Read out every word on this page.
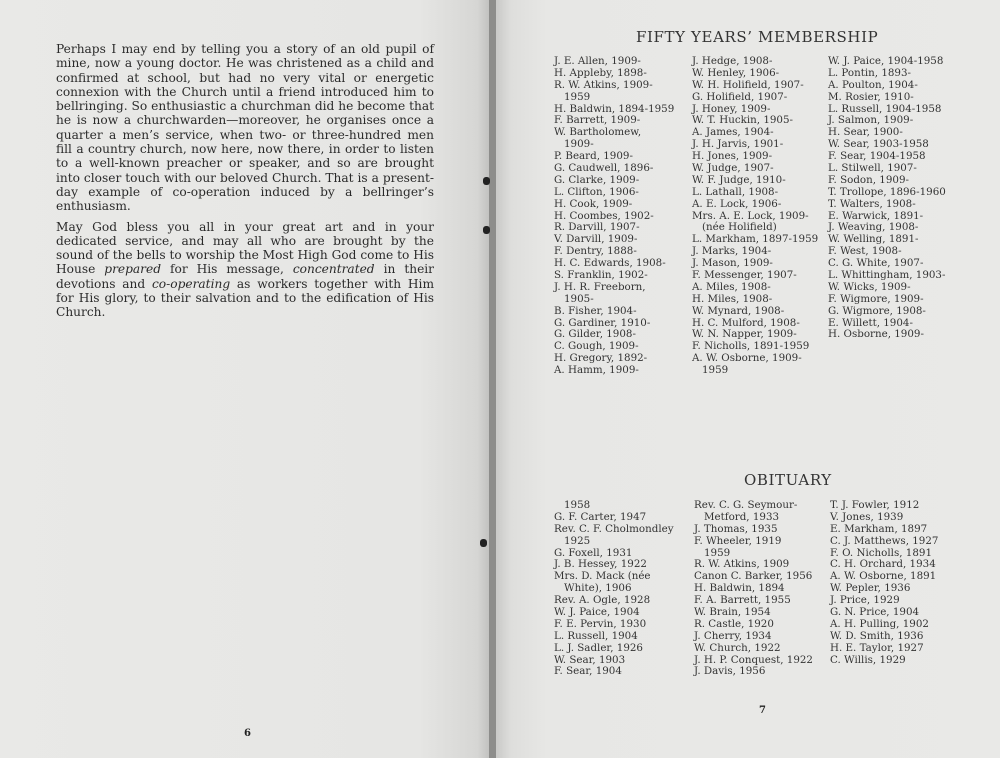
Perhaps I may end by telling you a story of an old pupil of mine, now a young doctor. He was christened as a child and confirmed at school, but had no very vital or energetic connexion with the Church until a friend introduced him to bellringing. So enthusiastic a churchman did he become that he is now a churchwarden—moreover, he organises once a quarter a men’s service, when two- or three-hundred men fill a country church, now here, now there, in order to listen to a well-known preacher or speaker, and so are brought into closer touch with our beloved Church. That is a present-day example of co-operation induced by a bellringer’s enthusiasm.

May God bless you all in your great art and in your dedicated service, and may all who are brought by the sound of the bells to worship the Most High God come to His House prepared for His message, concentrated in their devotions and co-operating as workers together with Him for His glory, to their salvation and to the edification of His Church.

6
FIFTY YEARS’ MEMBERSHIP
J. E. Allen, 1909-
H. Appleby, 1898-
R. W. Atkins, 1909-
1959
H. Baldwin, 1894-1959
F. Barrett, 1909-
W. Bartholomew,
1909-
P. Beard, 1909-
G. Caudwell, 1896-
G. Clarke, 1909-
L. Clifton, 1906-
H. Cook, 1909-
H. Coombes, 1902-
R. Darvill, 1907-
V. Darvill, 1909-
F. Dentry, 1888-
H. C. Edwards, 1908-
S. Franklin, 1902-
J. H. R. Freeborn,
1905-
B. Fisher, 1904-
G. Gardiner, 1910-
G. Gilder, 1908-
C. Gough, 1909-
H. Gregory, 1892-
A. Hamm, 1909-
J. Hedge, 1908-
W. Henley, 1906-
W. H. Holifield, 1907-
G. Holifield, 1907-
J. Honey, 1909-
W. T. Huckin, 1905-
A. James, 1904-
J. H. Jarvis, 1901-
H. Jones, 1909-
W. Judge, 1907-
W. F. Judge, 1910-
L. Lathall, 1908-
A. E. Lock, 1906-
Mrs. A. E. Lock, 1909-
(née Holifield)
L. Markham, 1897-1959
J. Marks, 1904-
J. Mason, 1909-
F. Messenger, 1907-
A. Miles, 1908-
H. Miles, 1908-
W. Mynard, 1908-
H. C. Mulford, 1908-
W. N. Napper, 1909-
F. Nicholls, 1891-1959
A. W. Osborne, 1909-
1959
W. J. Paice, 1904-1958
L. Pontin, 1893-
A. Poulton, 1904-
M. Rosier, 1910-
L. Russell, 1904-1958
J. Salmon, 1909-
H. Sear, 1900-
W. Sear, 1903-1958
F. Sear, 1904-1958
L. Stilwell, 1907-
F. Sodon, 1909-
T. Trollope, 1896-1960
T. Walters, 1908-
E. Warwick, 1891-
J. Weaving, 1908-
W. Welling, 1891-
F. West, 1908-
C. G. White, 1907-
L. Whittingham, 1903-
W. Wicks, 1909-
F. Wigmore, 1909-
G. Wigmore, 1908-
E. Willett, 1904-
H. Osborne, 1909-
OBITUARY
1958
G. F. Carter, 1947
Rev. C. F. Cholmondley
1925
G. Foxell, 1931
J. B. Hessey, 1922
Mrs. D. Mack (née
White), 1906
Rev. A. Ogle, 1928
W. J. Paice, 1904
F. E. Pervin, 1930
L. Russell, 1904
L. J. Sadler, 1926
W. Sear, 1903
F. Sear, 1904
Rev. C. G. Seymour-
Metford, 1933
J. Thomas, 1935
F. Wheeler, 1919
1959
R. W. Atkins, 1909
Canon C. Barker, 1956
H. Baldwin, 1894
F. A. Barrett, 1955
W. Brain, 1954
R. Castle, 1920
J. Cherry, 1934
W. Church, 1922
J. H. P. Conquest, 1922
J. Davis, 1956
T. J. Fowler, 1912
V. Jones, 1939
E. Markham, 1897
C. J. Matthews, 1927
F. O. Nicholls, 1891
C. H. Orchard, 1934
A. W. Osborne, 1891
W. Pepler, 1936
J. Price, 1929
G. N. Price, 1904
A. H. Pulling, 1902
W. D. Smith, 1936
H. E. Taylor, 1927
C. Willis, 1929
7
